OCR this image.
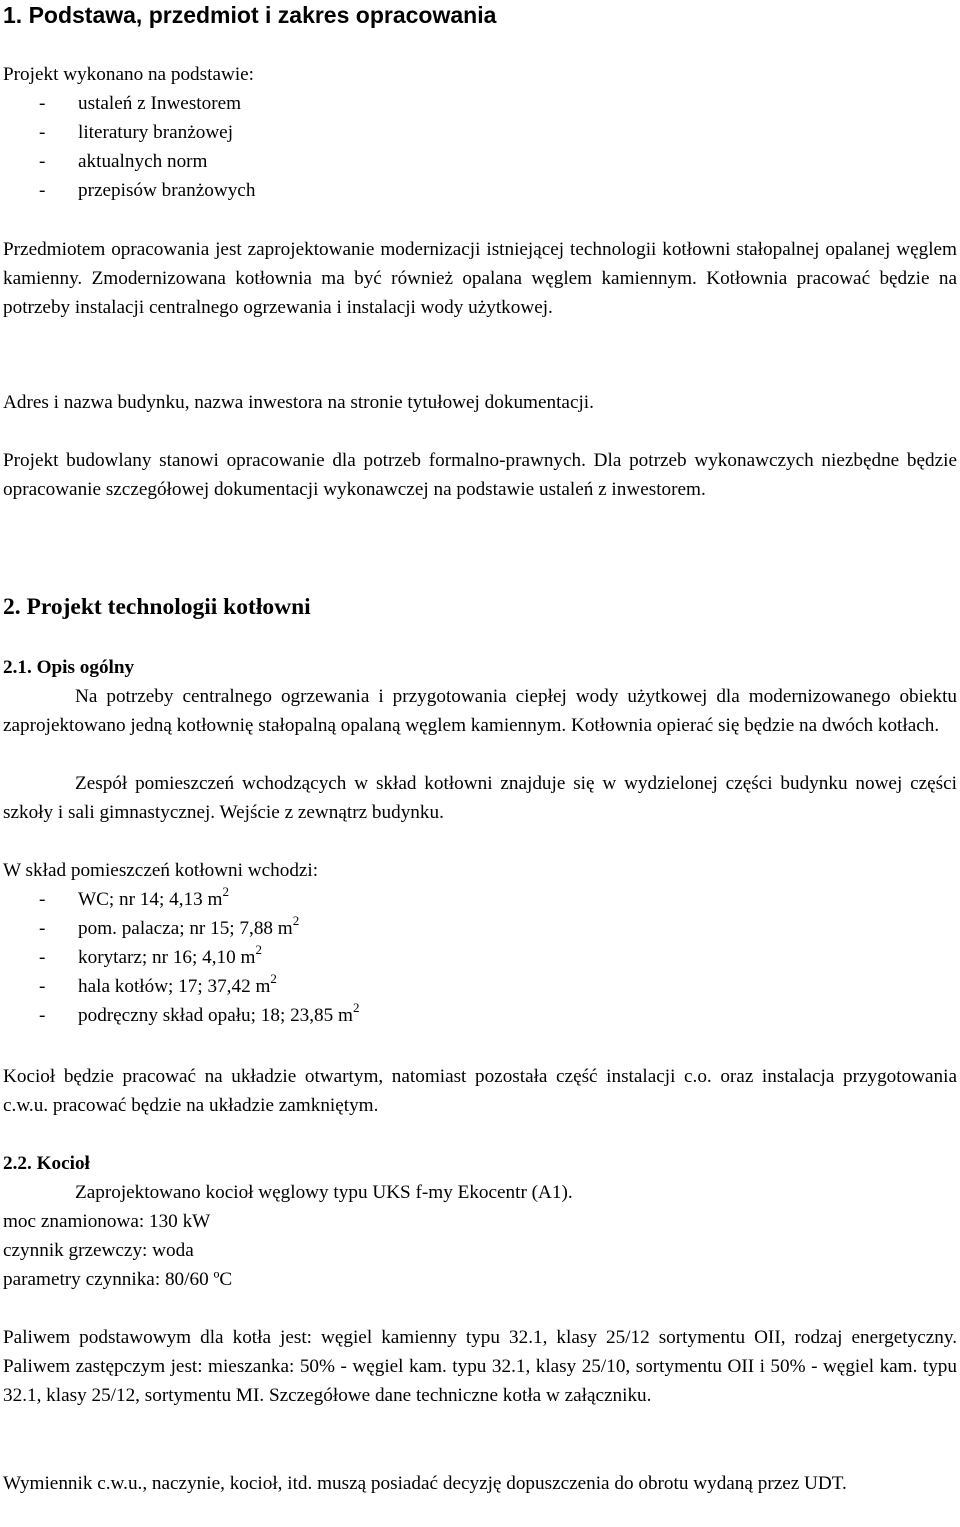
1. Podstawa, przedmiot i zakres opracowania

Projekt wykonano na podstawie:

- ustaleń z Inwestorem
- literatury branżowej
- aktualnych norm
- przepisów branżowych

Przedmiotem opracowania jest zaprojektowanie modernizacji istniejącej technologii kotłowni stałopalnej opalanej węglem kamienny. Zmodernizowana kotłownia ma być również opalana węglem kamiennym. Kotłownia pracować będzie na potrzeby instalacji centralnego ogrzewania i instalacji wody użytkowej.

Adres i nazwa budynku, nazwa inwestora na stronie tytułowej dokumentacji.

Projekt budowlany stanowi opracowanie dla potrzeb formalno-prawnych. Dla potrzeb wykonawczych niezbędne będzie opracowanie szczegółowej dokumentacji wykonawczej na podstawie ustaleń z inwestorem.

2. Projekt technologii kotłowni

2.1. Opis ogólny

Na potrzeby centralnego ogrzewania i przygotowania ciepłej wody użytkowej dla modernizowanego obiektu zaprojektowano jedną kotłownię stałopalną opalaną węglem kamiennym. Kotłownia opierać się będzie na dwóch kotłach.

Zespół pomieszczeń wchodzących w skład kotłowni znajduje się w wydzielonej części budynku nowej części szkoły i sali gimnastycznej. Wejście z zewnątrz budynku.

W skład pomieszczeń kotłowni wchodzi:

- WC; nr 14; 4,13 $m^2$
- pom. palacza; nr 15; 7,88 $m^2$
- korytarz; nr 16; 4,10 $m^2$
- hala kotłów; 17; 37,42 $m^2$
- podręczny skład opału; 18; 23,85 $m^2$

Kocioł będzie pracować na układzie otwartym, natomiast pozostała część instalacji c.o. oraz instalacja przygotowania c.w.u. pracować będzie na układzie zamkniętym.

2.2. Kocioł

Zaprojektowano kocioł węglowy typu UKS f-my Ekocentr (A1).

moc znamionowa: 130 kW

czynnik grzewczy: woda

parametry czynnika: 80/60 ºC

Paliwem podstawowym dla kotła jest: węgiel kamienny typu 32.1, klasy 25/12 sortymentu OII, rodzaj energetyczny. Paliwem zastępczym jest: mieszanka: 50% - węgiel kam. typu 32.1, klasy 25/10, sortymentu OII i 50% - węgiel kam. typu 32.1, klasy 25/12, sortymentu MI. Szczegółowe dane techniczne kotła w załączniku.

Wymiennik c.w.u., naczynie, kocioł, itd. muszą posiadać decyzję dopuszczenia do obrotu wydaną przez UDT.
